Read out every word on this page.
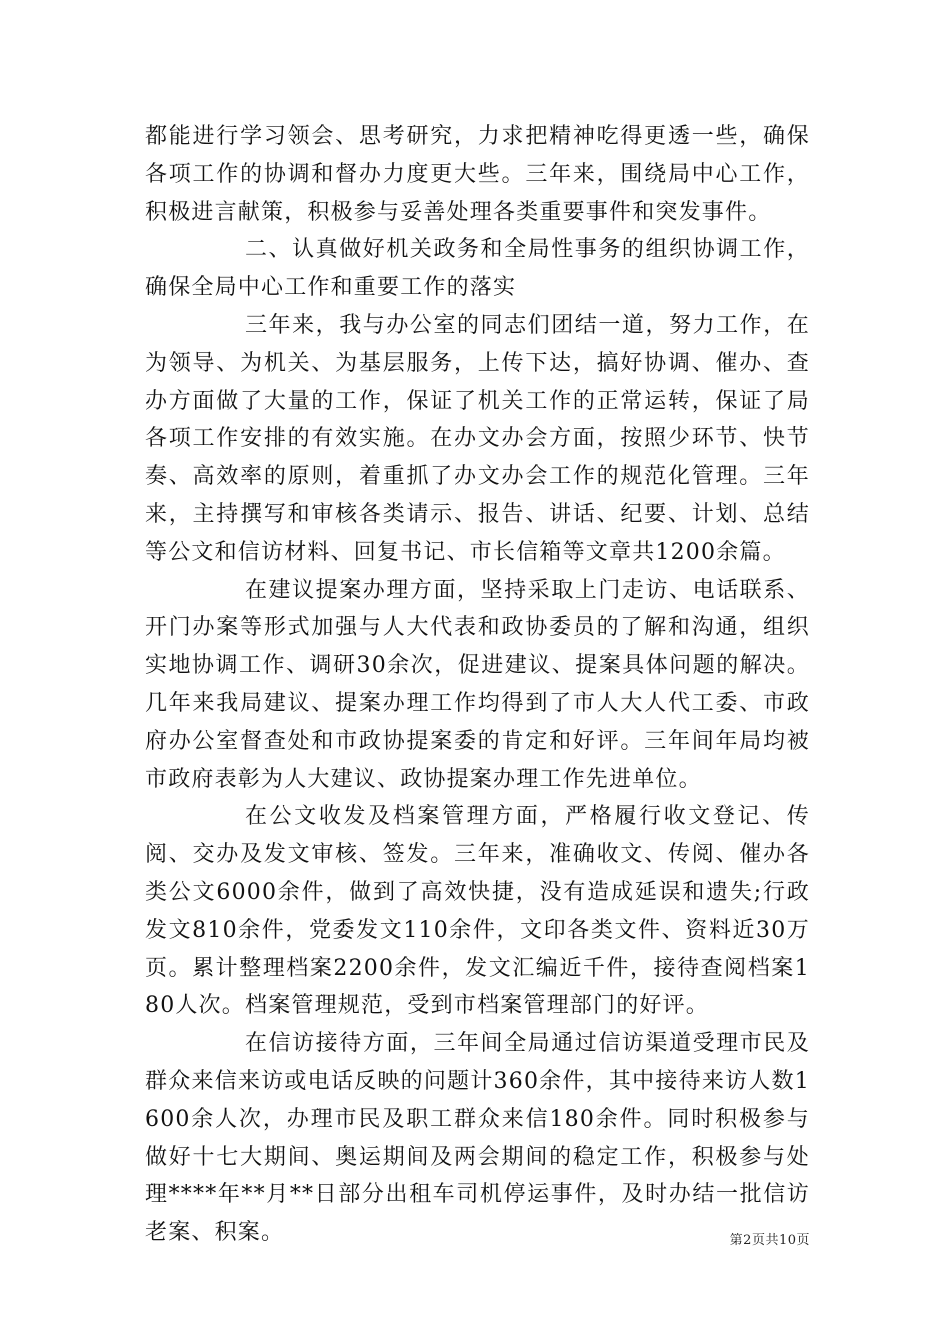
都能进行学习领会、思考研究，力求把精神吃得更透一些，确保各项工作的协调和督办力度更大些。三年来，围绕局中心工作，积极进言献策，积极参与妥善处理各类重要事件和突发事件。

二、认真做好机关政务和全局性事务的组织协调工作，确保全局中心工作和重要工作的落实

三年来，我与办公室的同志们团结一道，努力工作，在为领导、为机关、为基层服务，上传下达，搞好协调、催办、查办方面做了大量的工作，保证了机关工作的正常运转，保证了局各项工作安排的有效实施。在办文办会方面，按照少环节、快节奏、高效率的原则，着重抓了办文办会工作的规范化管理。三年来，主持撰写和审核各类请示、报告、讲话、纪要、计划、总结等公文和信访材料、回复书记、市长信箱等文章共1200余篇。

在建议提案办理方面，坚持采取上门走访、电话联系、开门办案等形式加强与人大代表和政协委员的了解和沟通，组织实地协调工作、调研30余次，促进建议、提案具体问题的解决。几年来我局建议、提案办理工作均得到了市人大人代工委、市政府办公室督查处和市政协提案委的肯定和好评。三年间年局均被市政府表彰为人大建议、政协提案办理工作先进单位。

在公文收发及档案管理方面，严格履行收文登记、传阅、交办及发文审核、签发。三年来，准确收文、传阅、催办各类公文6000余件，做到了高效快捷，没有造成延误和遗失;行政发文810余件，党委发文110余件，文印各类文件、资料近30万页。累计整理档案2200余件，发文汇编近千件，接待查阅档案180人次。档案管理规范，受到市档案管理部门的好评。

在信访接待方面，三年间全局通过信访渠道受理市民及群众来信来访或电话反映的问题计360余件，其中接待来访人数1600余人次，办理市民及职工群众来信180余件。同时积极参与做好十七大期间、奥运期间及两会期间的稳定工作，积极参与处理****年**月**日部分出租车司机停运事件，及时办结一批信访老案、积案。	第2页共10页
